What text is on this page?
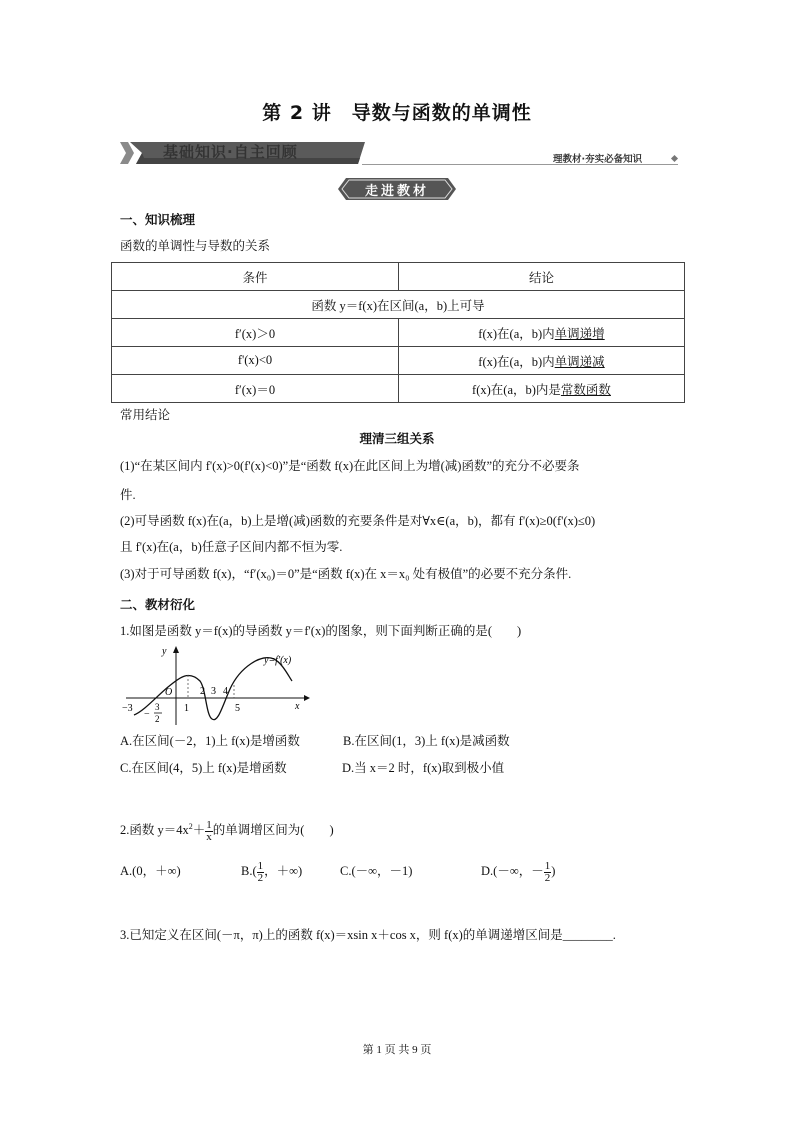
第 2 讲　导数与函数的单调性
基础知识·自主回顾	理教材·夯实必备知识
走进教材
一、知识梳理
函数的单调性与导数的关系
条件	结论
函数 y＝f(x)在区间(a，b)上可导	
f′(x)＞0	f(x)在(a，b)内单调递增
f'(x)<0	f(x)在(a，b)内单调递减
f′(x)＝0	f(x)在(a，b)内是常数函数
常用结论
理清三组关系
(1)“在某区间内 f'(x)>0(f'(x)<0)”是“函数 f(x)在此区间上为增(减)函数”的充分不必要条
件.
(2)可导函数 f(x)在(a，b)上是增(减)函数的充要条件是对∀x∈(a，b)，都有 f'(x)≥0(f'(x)≤0)
且 f'(x)在(a，b)任意子区间内都不恒为零.
(3)对于可导函数 f(x)，“f′(x₀)＝0”是“函数 f(x)在 x＝x₀ 处有极值”的必要不充分条件.
二、教材衍化
1.如图是函数 y＝f(x)的导函数 y＝f'(x)的图象，则下面判断正确的是(　　)
y
x
y=f'(x)
O
−3
−
3
2
1
2 3 4
5
A.在区间(－2，1)上 f(x)是增函数	B.在区间(1，3)上 f(x)是减函数
C.在区间(4，5)上 f(x)是增函数	D.当 x＝2 时，f(x)取到极小值
2.函数 $y=4x^2+ \frac{1}{x}$ 的单调增区间为(　　)
A.(0，＋∞)	$B.( \frac{1}{2}$ ，＋∞)	C.(－∞，－1)	D.(－∞，－ $\frac{1}{2}$ )
3.已知定义在区间(－π，π)上的函数 f(x)＝xsin x＋cos x，则 f(x)的单调递增区间是________.
第 1 页 共 9 页
